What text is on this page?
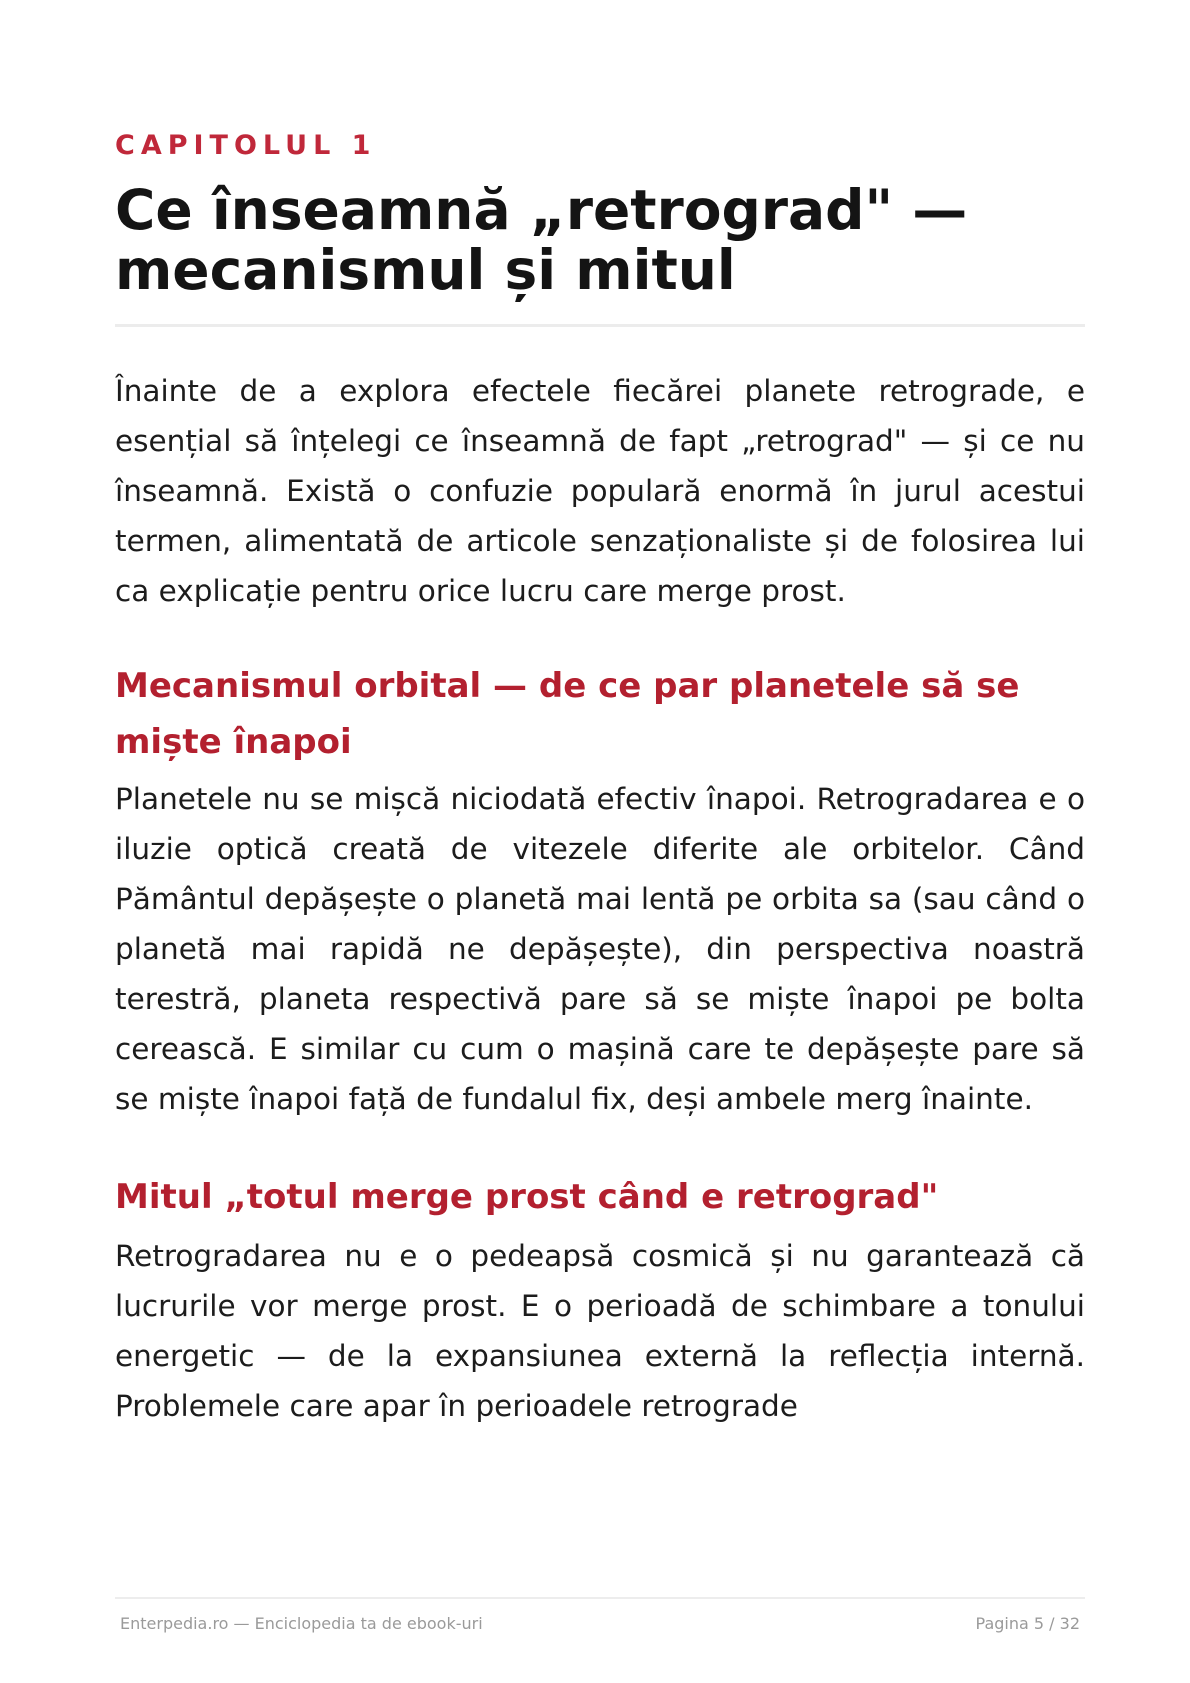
CAPITOLUL 1
Ce înseamnă „retrograd" — mecanismul și mitul

Înainte de a explora efectele fiecărei planete retrograde, e esențial să înțelegi ce înseamnă de fapt „retrograd" — și ce nu înseamnă. Există o confuzie populară enormă în jurul acestui termen, alimentată de articole senzaționaliste și de folosirea lui ca explicație pentru orice lucru care merge prost.

Mecanismul orbital — de ce par planetele să se miște înapoi

Planetele nu se mișcă niciodată efectiv înapoi. Retrogradarea e o iluzie optică creată de vitezele diferite ale orbitelor. Când Pământul depășește o planetă mai lentă pe orbita sa (sau când o planetă mai rapidă ne depășește), din perspectiva noastră terestră, planeta respectivă pare să se miște înapoi pe bolta cerească. E similar cu cum o mașină care te depășește pare să se miște înapoi față de fundalul fix, deși ambele merg înainte.

Mitul „totul merge prost când e retrograd"

Retrogradarea nu e o pedeapsă cosmică și nu garantează că lucrurile vor merge prost. E o perioadă de schimbare a tonului energetic — de la expansiunea externă la reflecția internă. Problemele care apar în perioadele retrograde

Enterpedia.ro — Enciclopedia ta de ebook-uri	Pagina 5 / 32
